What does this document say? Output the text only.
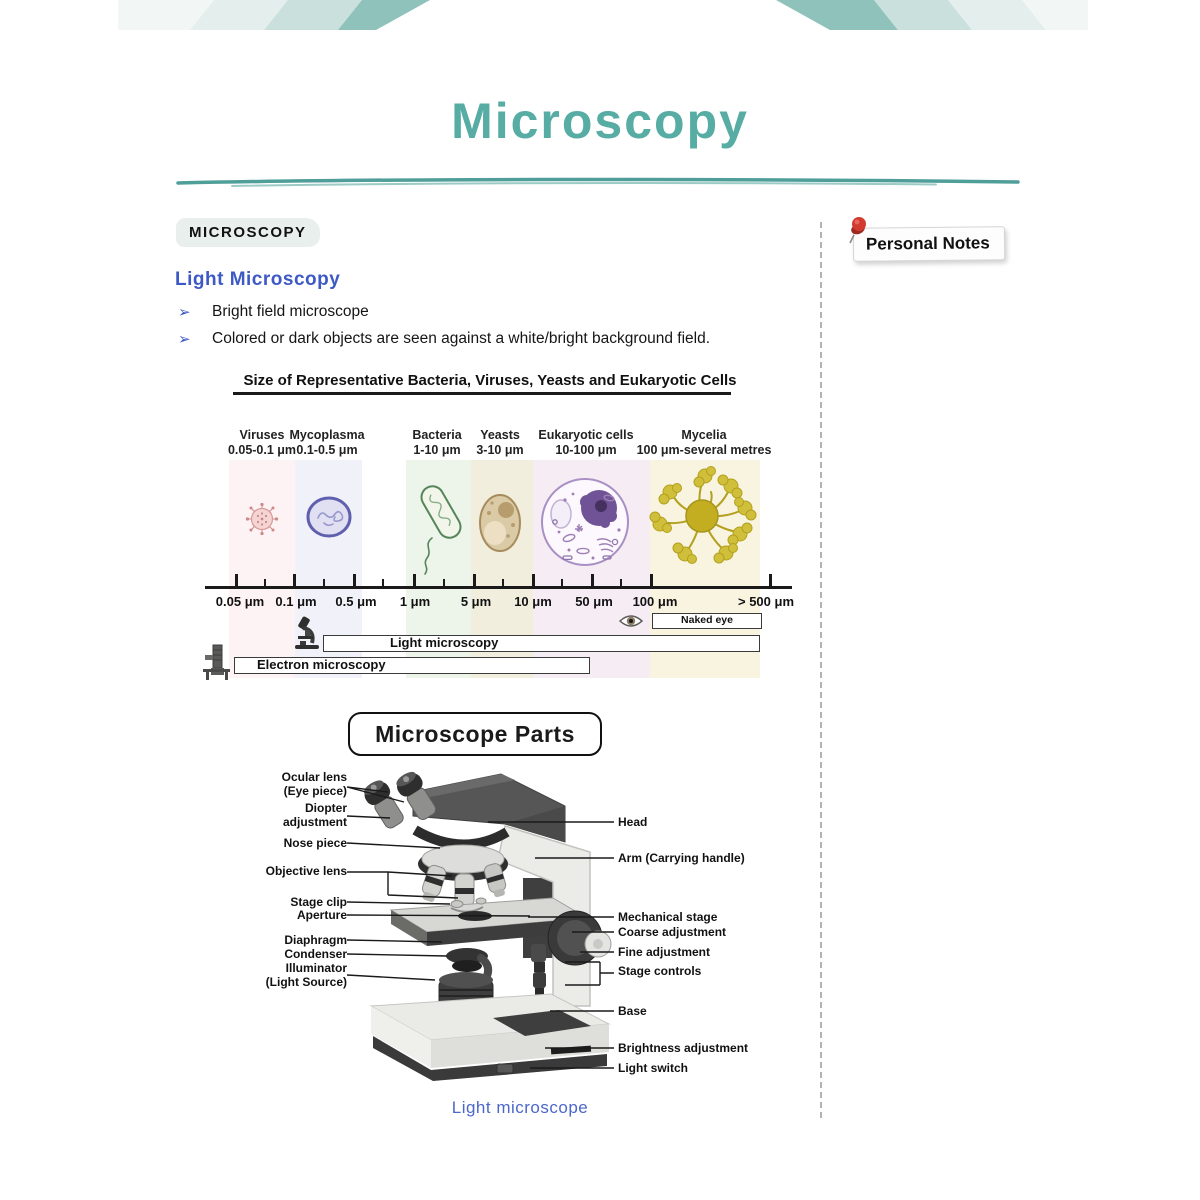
Microscopy
MICROSCOPY
Light Microscopy
➢	Bright field microscope
➢	Colored or dark objects are seen against a white/bright background field.
Size of Representative Bacteria, Viruses, Yeasts and Eukaryotic Cells
Viruses
0.05-0.1 μm
Mycoplasma
0.1-0.5 μm
Bacteria
1-10 μm
Yeasts
3-10 μm
Eukaryotic cells
10-100 μm
Mycelia
100 μm-several metres
0.05 μm 0.1 μm	0.5 μm	1 μm	5 μm	10 μm	50 μm	100 μm	> 500 μm
Naked eye
Light microscopy
Electron microscopy
Microscope Parts
Ocular lens
(Eye piece)
Diopter
adjustment
Nose piece
Objective lens
Stage clip
Aperture
Diaphragm
Condenser
Illuminator
(Light Source)
Head
Arm (Carrying handle)
Mechanical stage
Coarse adjustment
Fine adjustment
Stage controls
Base
Brightness adjustment
Light switch
Light microscope
Personal Notes
